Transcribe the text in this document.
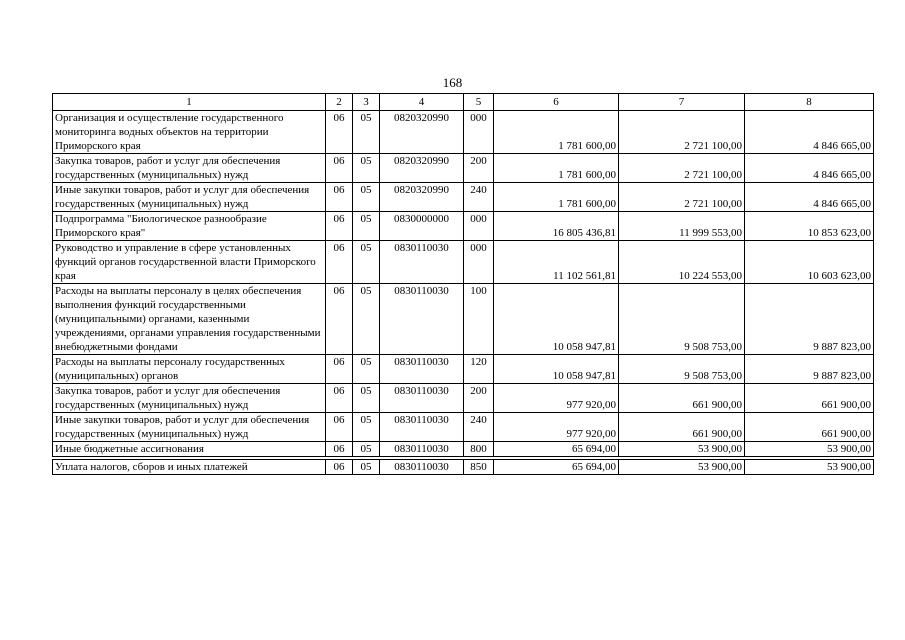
168
1	2	3	4	5	6	7	8
Организация и осуществление государственного мониторинга водных объектов на территории Приморского края	06	05	0820320990	000	1 781 600,00	2 721 100,00	4 846 665,00
Закупка товаров, работ и услуг для обеспечения государственных (муниципальных) нужд	06	05	0820320990	200	1 781 600,00	2 721 100,00	4 846 665,00
Иные закупки товаров, работ и услуг для обеспечения государственных (муниципальных) нужд	06	05	0820320990	240	1 781 600,00	2 721 100,00	4 846 665,00
Подпрограмма "Биологическое разнообразие Приморского края"	06	05	0830000000	000	16 805 436,81	11 999 553,00	10 853 623,00
Руководство и управление в сфере установленных функций органов государственной власти Приморского края	06	05	0830110030	000	11 102 561,81	10 224 553,00	10 603 623,00
Расходы на выплаты персоналу в целях обеспечения выполнения функций государственными (муниципальными) органами, казенными учреждениями, органами управления государственными внебюджетными фондами	06	05	0830110030	100	10 058 947,81	9 508 753,00	9 887 823,00
Расходы на выплаты персоналу государственных (муниципальных) органов	06	05	0830110030	120	10 058 947,81	9 508 753,00	9 887 823,00
Закупка товаров, работ и услуг для обеспечения государственных (муниципальных) нужд	06	05	0830110030	200	977 920,00	661 900,00	661 900,00
Иные закупки товаров, работ и услуг для обеспечения государственных (муниципальных) нужд	06	05	0830110030	240	977 920,00	661 900,00	661 900,00
Иные бюджетные ассигнования	06	05	0830110030	800	65 694,00	53 900,00	53 900,00

Уплата налогов, сборов и иных платежей	06	05	0830110030	850	65 694,00	53 900,00	53 900,00
